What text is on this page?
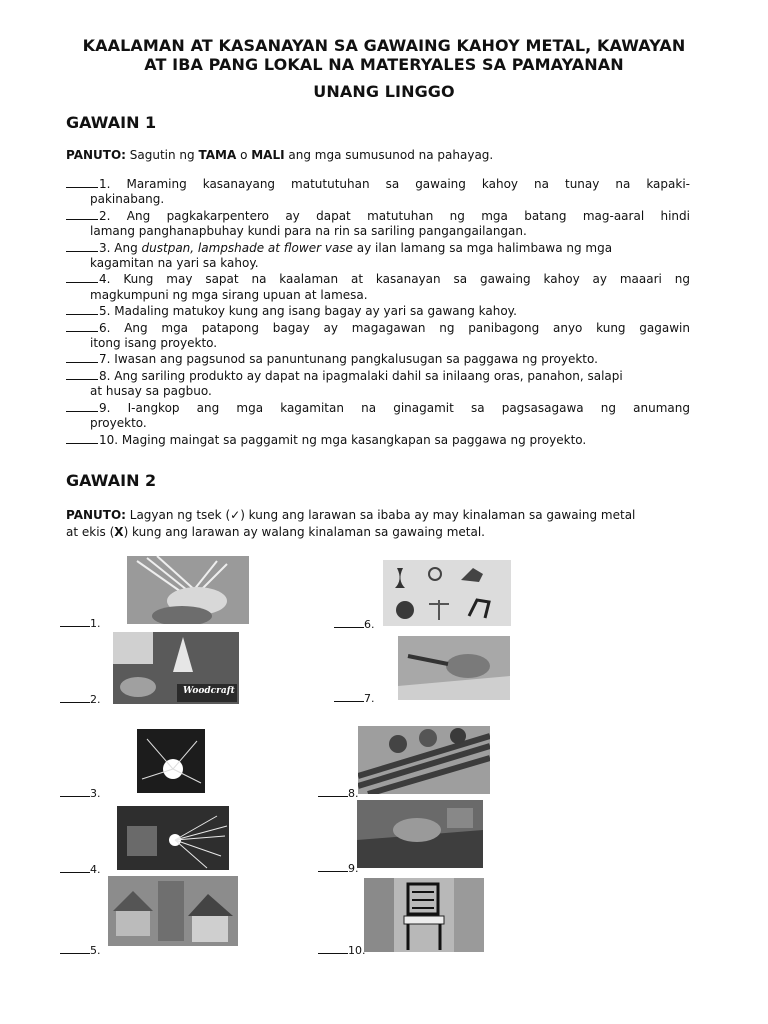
KAALAMAN AT KASANAYAN SA GAWAING KAHOY METAL, KAWAYAN
AT IBA PANG LOKAL NA MATERYALES SA PAMAYANAN
UNANG LINGGO
GAWAIN 1
PANUTO: Sagutin ng TAMA o MALI ang mga sumusunod na pahayag.
1. Maraming kasanayang matututuhan sa gawaing kahoy na tunay na kapaki-
pakinabang.
2. Ang pagkakarpentero ay dapat matutuhan ng mga batang mag-aaral hindi
lamang panghanapbuhay kundi para na rin sa sariling pangangailangan.
3. Ang dustpan, lampshade at flower vase ay ilan lamang sa mga halimbawa ng mga
kagamitan na yari sa kahoy.
4. Kung may sapat na kaalaman at kasanayan sa gawaing kahoy ay maaari ng
magkumpuni ng mga sirang upuan at lamesa.
5. Madaling matukoy kung ang isang bagay ay yari sa gawang kahoy.
6. Ang mga patapong bagay ay magagawan ng panibagong anyo kung gagawin
itong isang proyekto.
7. Iwasan ang pagsunod sa panuntunang pangkalusugan sa paggawa ng proyekto.
8. Ang sariling produkto ay dapat na ipagmalaki dahil sa inilaang oras, panahon, salapi
at husay sa pagbuo.
9. I-angkop ang mga kagamitan na ginagamit sa pagsasagawa ng anumang
proyekto.
10. Maging maingat sa paggamit ng mga kasangkapan sa paggawa ng proyekto.
GAWAIN 2
PANUTO: Lagyan ng tsek (✓) kung ang larawan sa ibaba ay may kinalaman sa gawaing metal
at ekis (X) kung ang larawan ay walang kinalaman sa gawaing metal.
1.
Woodcraft
2.
3.
4.
5.
6.
7.
8.
9.
10.
